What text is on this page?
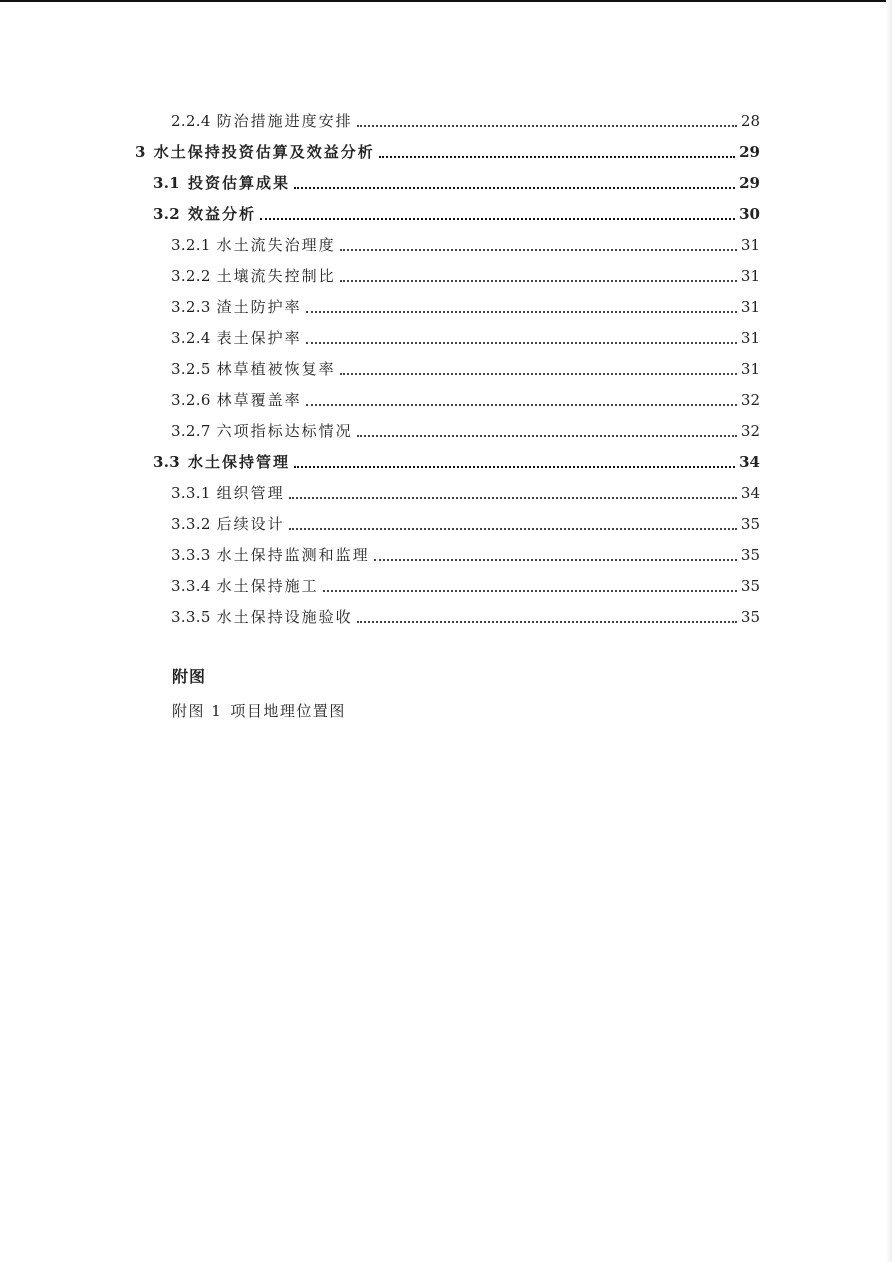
2.2.4 防治措施进度安排	28
3 水土保持投资估算及效益分析	29
3.1 投资估算成果	29
3.2 效益分析	30
3.2.1 水土流失治理度	31
3.2.2 土壤流失控制比	31
3.2.3 渣土防护率	31
3.2.4 表土保护率	31
3.2.5 林草植被恢复率	31
3.2.6 林草覆盖率	32
3.2.7 六项指标达标情况	32
3.3 水土保持管理	34
3.3.1 组织管理	34
3.3.2 后续设计	35
3.3.3 水土保持监测和监理	35
3.3.4 水土保持施工	35
3.3.5 水土保持设施验收	35
附图
附图 1 项目地理位置图
